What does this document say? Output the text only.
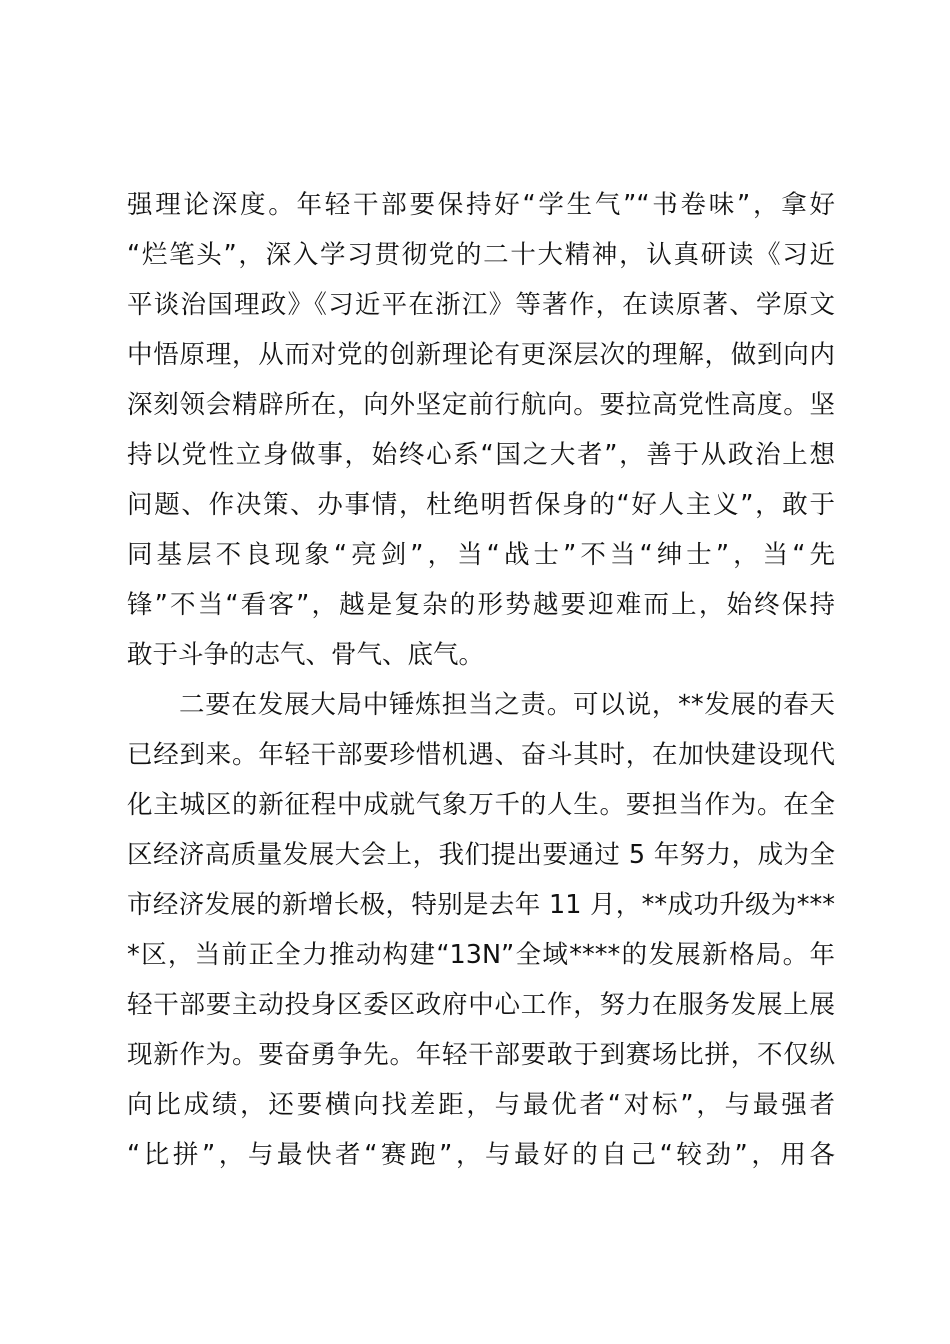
强理论深度。年轻干部要保持好“学生气”“书卷味”，拿好
“烂笔头”，深入学习贯彻党的二十大精神，认真研读《习近
平谈治国理政》《习近平在浙江》等著作，在读原著、学原文
中悟原理，从而对党的创新理论有更深层次的理解，做到向内
深刻领会精辟所在，向外坚定前行航向。要拉高党性高度。坚
持以党性立身做事，始终心系“国之大者”，善于从政治上想
问题、作决策、办事情，杜绝明哲保身的“好人主义”，敢于
同基层不良现象“亮剑”，当“战士”不当“绅士”，当“先
锋”不当“看客”，越是复杂的形势越要迎难而上，始终保持
敢于斗争的志气、骨气、底气。
二要在发展大局中锤炼担当之责。可以说，**发展的春天
已经到来。年轻干部要珍惜机遇、奋斗其时，在加快建设现代
化主城区的新征程中成就气象万千的人生。要担当作为。在全
区经济高质量发展大会上，我们提出要通过 5 年努力，成为全
市经济发展的新增长极，特别是去年 11 月，**成功升级为***
*区，当前正全力推动构建“13N”全域****的发展新格局。年
轻干部要主动投身区委区政府中心工作，努力在服务发展上展
现新作为。要奋勇争先。年轻干部要敢于到赛场比拼，不仅纵
向比成绩，还要横向找差距，与最优者“对标”，与最强者
“比拼”，与最快者“赛跑”，与最好的自己“较劲”，用各
